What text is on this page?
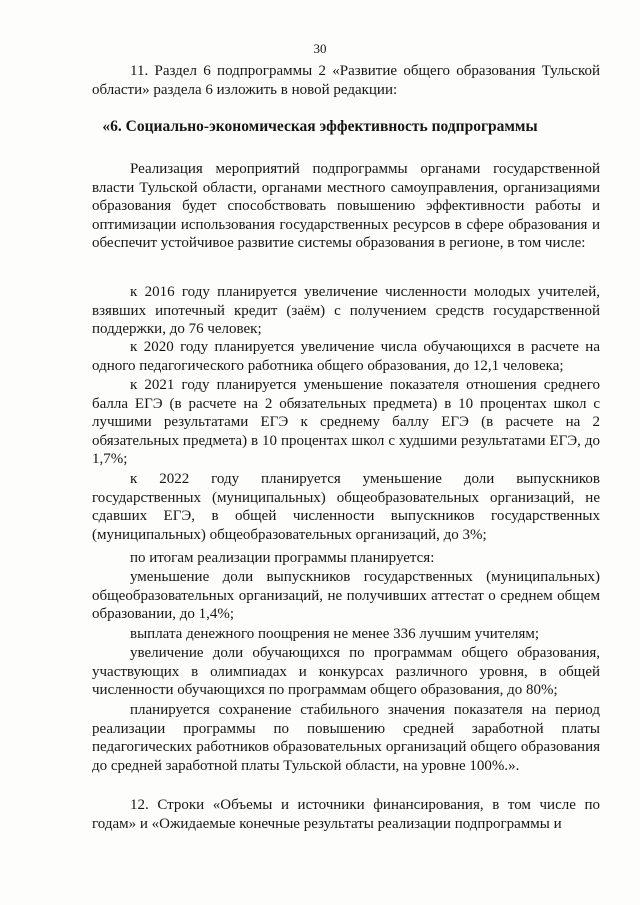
30

11. Раздел 6 подпрограммы 2 «Развитие общего образования Тульской области» раздела 6 изложить в новой редакции:

«6. Социально-экономическая эффективность подпрограммы

Реализация мероприятий подпрограммы органами государственной власти Тульской области, органами местного самоуправления, организациями образования будет способствовать повышению эффективности работы и оптимизации использования государственных ресурсов в сфере образования и обеспечит устойчивое развитие системы образования в регионе, в том числе:

к 2016 году планируется увеличение численности молодых учителей, взявших ипотечный кредит (заём) с получением средств государственной поддержки, до 76 человек;

к 2020 году планируется увеличение числа обучающихся в расчете на одного педагогического работника общего образования, до 12,1 человека;

к 2021 году планируется уменьшение показателя отношения среднего балла ЕГЭ (в расчете на 2 обязательных предмета) в 10 процентах школ с лучшими результатами ЕГЭ к среднему баллу ЕГЭ (в расчете на 2 обязательных предмета) в 10 процентах школ с худшими результатами ЕГЭ, до 1,7%;

к 2022 году планируется уменьшение доли выпускников государственных (муниципальных) общеобразовательных организаций, не сдавших ЕГЭ, в общей численности выпускников государственных (муниципальных) общеобразовательных организаций, до 3%;

по итогам реализации программы планируется:

уменьшение доли выпускников государственных (муниципальных) общеобразовательных организаций, не получивших аттестат о среднем общем образовании, до 1,4%;

выплата денежного поощрения не менее 336 лучшим учителям;

увеличение доли обучающихся по программам общего образования, участвующих в олимпиадах и конкурсах различного уровня, в общей численности обучающихся по программам общего образования, до 80%;

планируется сохранение стабильного значения показателя на период реализации программы по повышению средней заработной платы педагогических работников образовательных организаций общего образования до средней заработной платы Тульской области, на уровне 100%.».

12. Строки «Объемы и источники финансирования, в том числе по годам» и «Ожидаемые конечные результаты реализации подпрограммы и
